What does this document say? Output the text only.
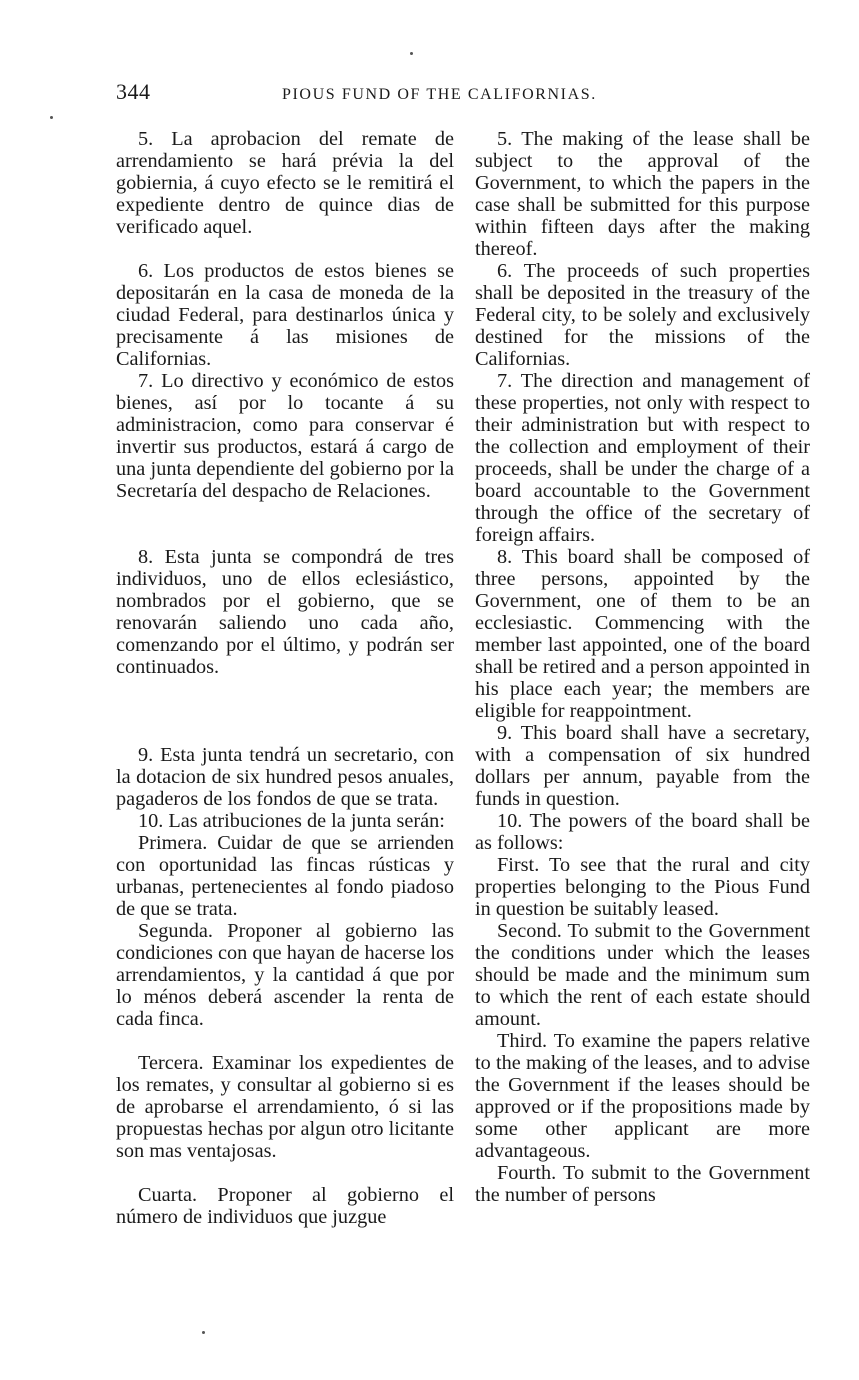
344	PIOUS FUND OF THE CALIFORNIAS.

5. La aprobacion del remate de arrendamiento se hará prévia la del gobiernia, á cuyo efecto se le remitirá el expediente dentro de quince dias de verificado aquel.

6. Los productos de estos bienes se depositarán en la casa de moneda de la ciudad Federal, para destinarlos única y precisamente á las misiones de Californias.

7. Lo directivo y económico de estos bienes, así por lo tocante á su administracion, como para conservar é invertir sus productos, estará á cargo de una junta dependiente del gobierno por la Secretaría del despacho de Relaciones.

8. Esta junta se compondrá de tres individuos, uno de ellos eclesiástico, nombrados por el gobierno, que se renovarán saliendo uno cada año, comenzando por el último, y podrán ser continuados.

9. Esta junta tendrá un secretario, con la dotacion de six hundred pesos anuales, pagaderos de los fondos de que se trata.

10. Las atribuciones de la junta serán:

Primera. Cuidar de que se arrienden con oportunidad las fincas rústicas y urbanas, pertenecientes al fondo piadoso de que se trata.

Segunda. Proponer al gobierno las condiciones con que hayan de hacerse los arrendamientos, y la cantidad á que por lo ménos deberá ascender la renta de cada finca.

Tercera. Examinar los expedientes de los remates, y consultar al gobierno si es de aprobarse el arrendamiento, ó si las propuestas hechas por algun otro licitante son mas ventajosas.

Cuarta. Proponer al gobierno el número de individuos que juzgue

5. The making of the lease shall be subject to the approval of the Government, to which the papers in the case shall be submitted for this purpose within fifteen days after the making thereof.

6. The proceeds of such properties shall be deposited in the treasury of the Federal city, to be solely and exclusively destined for the missions of the Californias.

7. The direction and management of these properties, not only with respect to their administration but with respect to the collection and employment of their proceeds, shall be under the charge of a board accountable to the Government through the office of the secretary of foreign affairs.

8. This board shall be composed of three persons, appointed by the Government, one of them to be an ecclesiastic. Commencing with the member last appointed, one of the board shall be retired and a person appointed in his place each year; the members are eligible for reappointment.

9. This board shall have a secretary, with a compensation of six hundred dollars per annum, payable from the funds in question.

10. The powers of the board shall be as follows:

First. To see that the rural and city properties belonging to the Pious Fund in question be suitably leased.

Second. To submit to the Government the conditions under which the leases should be made and the minimum sum to which the rent of each estate should amount.

Third. To examine the papers relative to the making of the leases, and to advise the Government if the leases should be approved or if the propositions made by some other applicant are more advantageous.

Fourth. To submit to the Government the number of persons
